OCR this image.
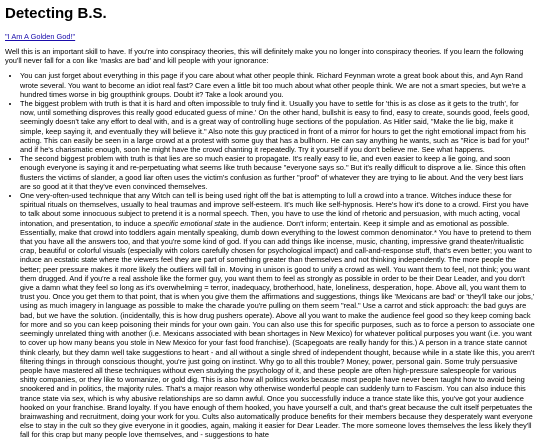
Detecting B.S.

"I Am A Golden God!"

Well this is an important skill to have. If you're into conspiracy theories, this will definitely make you no longer into conspiracy theories. If you learn the following you'll never fall for a con like 'masks are bad' and kill people with your ignorance:

• You can just forget about everything in this page if you care about what other people think. Richard Feynman wrote a great book about this, and Ayn Rand wrote several. You want to become an idiot real fast? Care even a little bit too much about what other people think. We are not a smart species, but we're a hundred times worse in big groupthink groups. Doubt it? Take a look around you.
• The biggest problem with truth is that it is hard and often impossible to truly find it. Usually you have to settle for 'this is as close as it gets to the truth', for now, until something disproves this really good educated guess of mine.' On the other hand, bullshit is easy to find, easy to create, sounds good, feels good, seemingly doesn't take any effort to deal with, and is a great way of controlling huge sections of the population. As Hitler said, "Make the lie big, make it simple, keep saying it, and eventually they will believe it." Also note this guy practiced in front of a mirror for hours to get the right emotional impact from his acting. This can easily be seen in a large crowd at a protest with some guy that has a bullhorn. He can say anything he wants, such as "Rice is bad for you!" and if he's charismatic enough, soon he might have the crowd chanting it repeatedly. Try it yourself if you don't believe me. See what happens.
• The second biggest problem with truth is that lies are so much easier to propagate. It's really easy to lie, and even easier to keep a lie going, and soon enough everyone is saying it and re-perpetuating what seems like truth because "everyone says so." But it's really difficult to disprove a lie. Since this often flusters the victims of slander, a good liar often uses the victim's confusion as further "proof" of whatever they are trying to lie about. And the very best liars are so good at it that they've even convinced themselves.
• One very-often-used technique that any Witch can tell is being used right off the bat is attempting to lull a crowd into a trance. Witches induce these for spiritual rituals on themselves, usually to heal traumas and improve self-esteem. It's much like self-hypnosis. Here's how it's done to a crowd. First you have to talk about some innocuous subject to pretend it is a normal speech. Then, you have to use the kind of rhetoric and persuasion, with much acting, vocal intonation, and presentation, to induce a specific emotional state in the audience. Don't inform; entertain. Keep it simple and as emotional as possible. Essentially, make that crowd into toddlers again mentally speaking, dumb down everything to the lowest common denominator.* You have to pretend to them that you have all the answers too, and that you're some kind of god. If you can add things like incense, music, chanting, impressive grand theater/ritualistic crap, beautiful or colorful visuals (especially with colors carefully chosen for psychological impact) and call-and-response stuff, that's even better; you want to induce an ecstatic state where the viewers feel they are part of something greater than themselves and not thinking independently. The more people the better; peer pressure makes it more likely the outliers will fall in. Moving in unison is good to unify a crowd as well. You want them to feel, not think; you want them drugged. And if you're a real asshole like the former guy, you want them to feel as strongly as possible in order to be their Dear Leader, and you don't give a damn what they feel so long as it's overwhelming = terror, inadequacy, brotherhood, hate, loneliness, desperation, hope. Above all, you want them to trust you. Once you get them to that point, that is when you give them the affirmations and suggestions, things like 'Mexicans are bad' or 'they'll take our jobs,' using as much imagery in language as possible to make the charade you're pulling on them seem "real." Use a carrot and stick approach: the bad guys are bad, but we have the solution. (incidentally, this is how drug pushers operate). Above all you want to make the audience feel good so they keep coming back for more and so you can keep poisoning their minds for your own gain. You can also use this for specific purposes, such as to force a person to associate one seemingly unrelated thing with another (i.e. Mexicans associated with bean shortages in New Mexico) for whatever political purposes you want (i.e. you want to cover up how many beans you stole in New Mexico for your fast food franchise). (Scapegoats are really handy for this.) A person in a trance state cannot think clearly, but they damn well take suggestions to heart - and all without a single shred of independent thought, because while in a state like this, you aren't filtering things in through conscious thought, you're just going on instinct. Why go to all this trouble? Money, power, personal gain. Some truly persuasive people have mastered all these techniques without even studying the psychology of it, and these people are often high-pressure salespeople for various shitty companies, or they like to womanize, or gold dig. This is also how all politics works because most people have never been taught how to avoid being snookered and in politics, the majority rules. That's a major reason why otherwise wonderful people can suddenly turn to Fascism. You can also induce this trance state via sex, which is why abusive relationships are so damn awful. Once you successfully induce a trance state like this, you've got your audience hooked on your franchise. Brand loyalty. If you have enough of them hooked, you have yourself a cult, and that's great because the cult itself perpetuates the brainwashing and recruitment, doing your work for you. Cults also automatically produce benefits for their members because they desperately want everyone else to stay in the cult so they give everyone in it goodies, again, making it easier for Dear Leader. The more someone loves themselves the less likely they'll fall for this crap but many people love themselves, and - suggestions to hate
